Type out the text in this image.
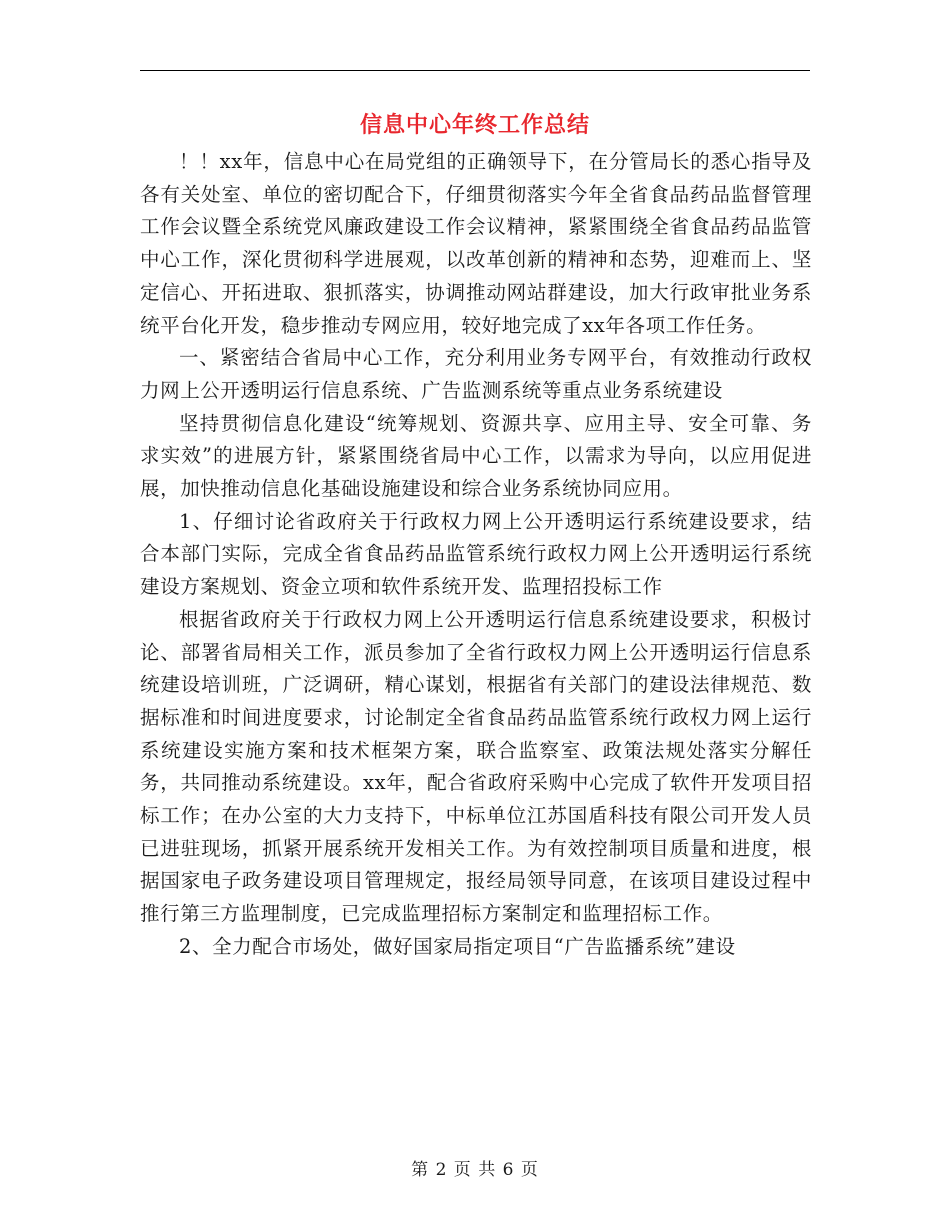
信息中心年终工作总结

！！xx年，信息中心在局党组的正确领导下，在分管局长的悉心指导及各有关处室、单位的密切配合下，仔细贯彻落实今年全省食品药品监督管理工作会议暨全系统党风廉政建设工作会议精神，紧紧围绕全省食品药品监管中心工作，深化贯彻科学进展观，以改革创新的精神和态势，迎难而上、坚定信心、开拓进取、狠抓落实，协调推动网站群建设，加大行政审批业务系统平台化开发，稳步推动专网应用，较好地完成了xx年各项工作任务。

一、紧密结合省局中心工作，充分利用业务专网平台，有效推动行政权力网上公开透明运行信息系统、广告监测系统等重点业务系统建设

坚持贯彻信息化建设“统筹规划、资源共享、应用主导、安全可靠、务求实效”的进展方针，紧紧围绕省局中心工作，以需求为导向，以应用促进展，加快推动信息化基础设施建设和综合业务系统协同应用。

1、仔细讨论省政府关于行政权力网上公开透明运行系统建设要求，结合本部门实际，完成全省食品药品监管系统行政权力网上公开透明运行系统建设方案规划、资金立项和软件系统开发、监理招投标工作

根据省政府关于行政权力网上公开透明运行信息系统建设要求，积极讨论、部署省局相关工作，派员参加了全省行政权力网上公开透明运行信息系统建设培训班，广泛调研，精心谋划，根据省有关部门的建设法律规范、数据标准和时间进度要求，讨论制定全省食品药品监管系统行政权力网上运行系统建设实施方案和技术框架方案，联合监察室、政策法规处落实分解任务，共同推动系统建设。xx年，配合省政府采购中心完成了软件开发项目招标工作；在办公室的大力支持下，中标单位江苏国盾科技有限公司开发人员已进驻现场，抓紧开展系统开发相关工作。为有效控制项目质量和进度，根据国家电子政务建设项目管理规定，报经局领导同意，在该项目建设过程中推行第三方监理制度，已完成监理招标方案制定和监理招标工作。

2、全力配合市场处，做好国家局指定项目“广告监播系统”建设

第 2 页 共 6 页
